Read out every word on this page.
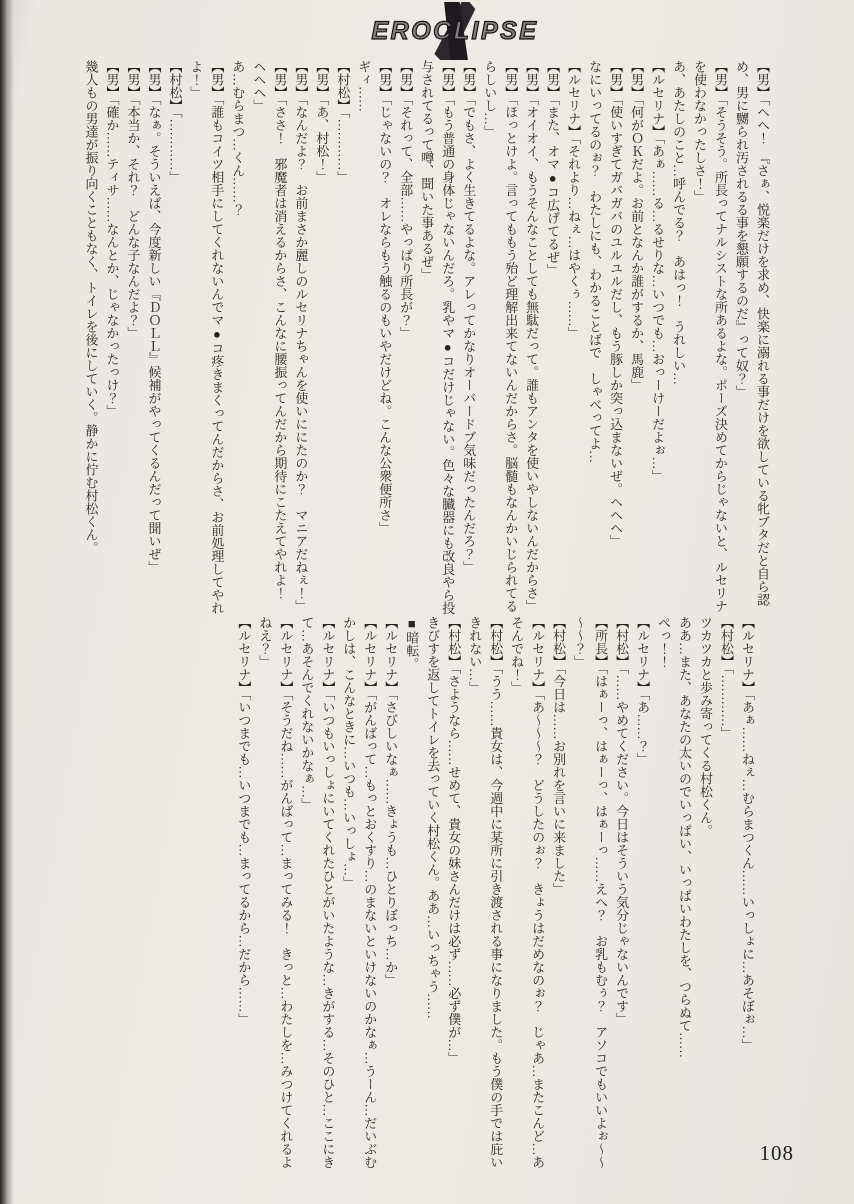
EROCLIPSE

【男】「ヘヘ！　『さぁ、悦楽だけを求め、快楽に溺れる事だけを欲している牝ブタだと自ら認め、男に嬲られ汚されるる事を懇願するのだ』って奴？」

【男】「そうそう。所長ってナルシストな所あるよな。ポーズ決めてからじゃないと、ルセリナを使わなかったしさ！」

あ、あたしのこと…呼んでる？　あはっ！　うれしい…

【ルセリナ】「あぁ……る…るせりな…いつでも…おっーけーだよぉ…」

【男】「何がＯＫだよ。お前となんか誰がするか、馬鹿」

【男】「使いすぎてガバガバのユルユルだし、もう豚しか突っ込まないぜ。ヘヘヘ」

なにいってるのぉ？　わたしにも、わかることばで　しゃべってよ…

【ルセリナ】「それより…ねぇ…はやくぅ……」

【男】「また、オマ●コ広げてるぜ」

【男】「オイオイ、もうそんなことしても無駄だって。誰もアンタを使いやしないんだからさ」

【男】「ほっとけよ。言ってももう殆ど理解出来てないんだからさ。脳髄もなんかいじられてるらしいし…」

【男】「でもさ、よく生きてるよな。アレってかなりオーバードブ気味だったんだろ？」

【男】「もう普通の身体じゃないんだろ。乳やマ●コだけじゃない。色々な臓器にも改良やら投与されてるって噂、聞いた事あるぜ」

【男】「それって、全部……やっぱり所長が？」

【男】「じゃないの？　オレならもう触るのもいやだけどね。こんな公衆便所さ」

ギィ……

【村松】「…………」

【男】「あ、村松！」

【男】「なんだよ？　お前まさか麗しのルセリナちゃんを使いににたのか？　マニアだねぇ！」

【男】「ささ！　邪魔者は消えるからさ、こんなに腰振ってんだから期待にこたえてやれよ！　ヘヘヘ」

あ…むらまつ…くん……？

【男】「誰もコイツ相手にしてくれないんでマ●コ疼きまくってんだからさ、お前処理してやれよ！」

【村松】「…………」

【男】「なぁ。そういえば、今度新しい『ＤＯＬＬ』候補がやってくるんだって聞いぜ」

【男】「本当か、それ？　どんな子なんだよ？」

【男】「確か……ティサ……なんとか、じゃなかったっけ？」

幾人もの男達が振り向くこともなく、トイレを後にしていく。静かに佇む村松くん。

【ルセリナ】「あぁ……ねぇ…むらまつくん……いっしょに…あそぼぉ…」

【村松】「…………」

ツカツカと歩み寄ってくる村松くん。

ああ…また、あなたの太いのでいっぱい、いっぱいわたしを、つらぬて……

ぺっ！！

【ルセリナ】「あ……？」

【村松】「……やめてください。今日はそういう気分じゃないんです」

【所長】「はぁーっ、はぁーっ、はぁーっ……えへ？　お乳もむぅ？　アソコでもいいよぉ～～～～？」

【村松】「今日は……お別れを言いに来ました」

【ルセリナ】「あ～～～？　どうしたのぉ？　きょうはだめなのぉ？　じゃあ…またこんど…あそんでね！」

【村松】「うう……貴女は、今週中に某所に引き渡される事になりました。もう僕の手では庇いきれない…」

【村松】「さようなら……せめて、貴女の妹さんだけは必ず……必ず僕が…」

きびすを返してトイレを去っていく村松くん。ああ…いっちゃう……

■暗転。

【ルセリナ】「さびしいなぁ……きょうも…ひとりぼっち…か」

【ルセリナ】「がんばって…もっとおくすり…のまないといけないのかなぁ…うーん…だいぶむかしは、こんなときに…いつも…いっしょ…」

【ルセリナ】「いつもいっしょにいてくれたひとがいたような…きがする…そのひと…ここにきて…あそんでくれないかなぁ…」

【ルセリナ】「そうだね……がんばって…まってみる！　きっと…わたしを…みつけてくれるよねえ？」

【ルセリナ】「いつまでも…いつまでも…まってるから…だから……」

108
